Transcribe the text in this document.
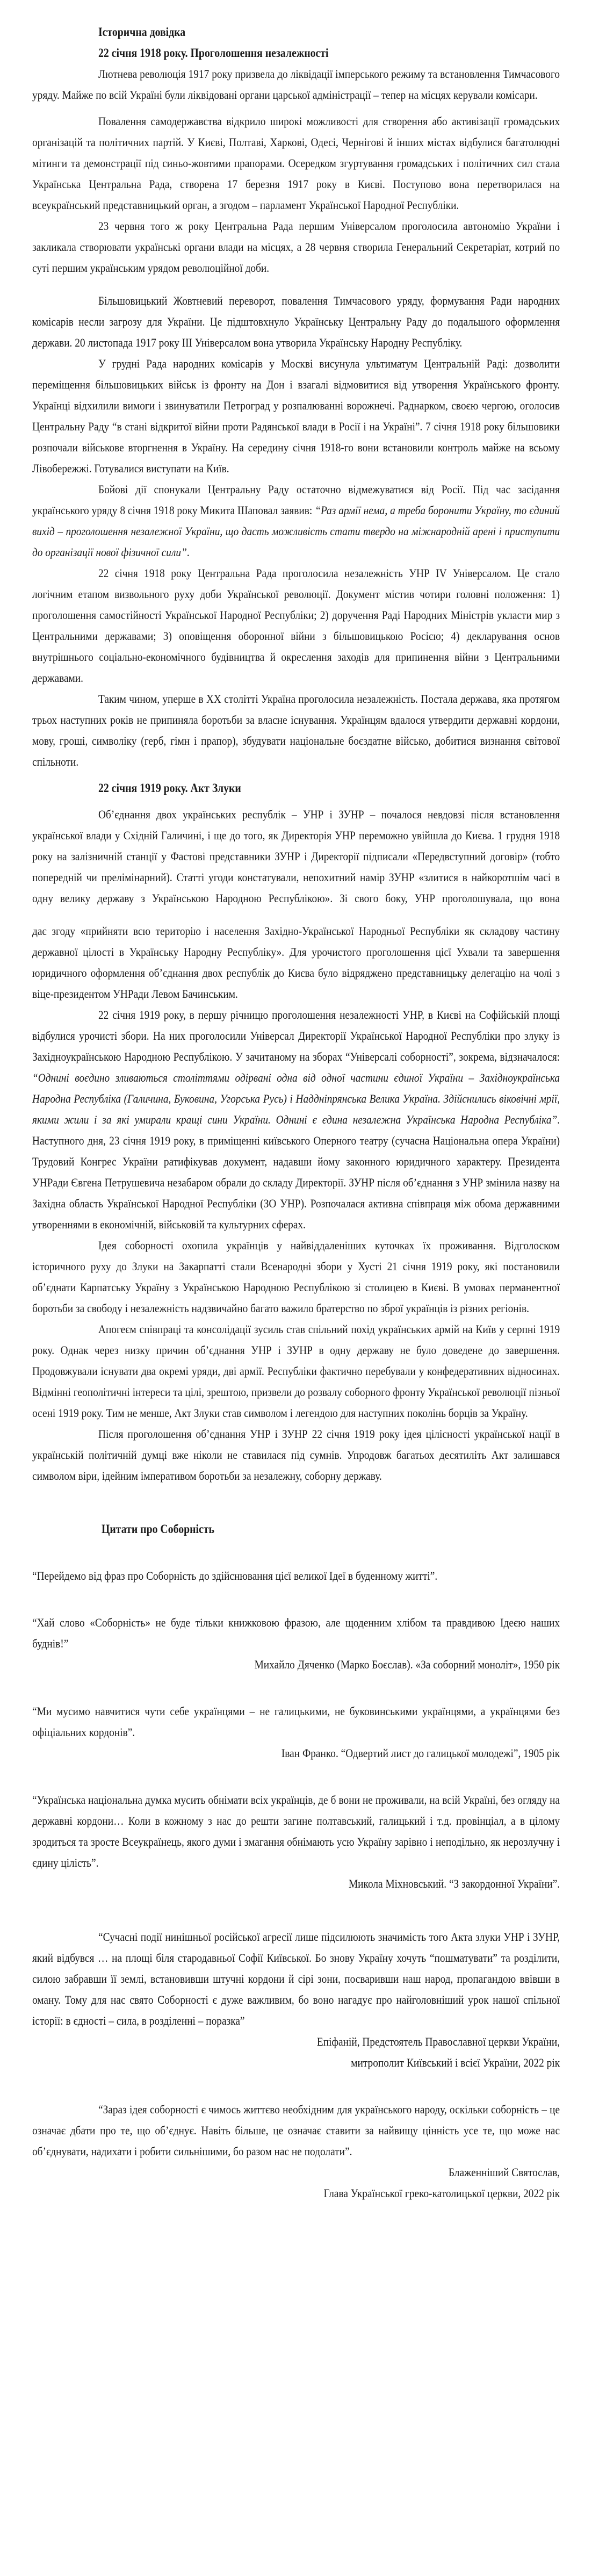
Історична довідка

22 січня 1918 року. Проголошення незалежності

Лютнева революція 1917 року призвела до ліквідації імперського режиму та встановлення Тимчасового уряду. Майже по всій Україні були ліквідовані органи царської адміністрації – тепер на місцях керували комісари.

Повалення самодержавства відкрило широкі можливості для створення або активізації громадських організацій та політичних партій. У Києві, Полтаві, Харкові, Одесі, Чернігові й інших містах відбулися багатолюдні мітинги та демонстрації під синьо-жовтими прапорами. Осередком згуртування громадських і політичних сил стала Українська Центральна Рада, створена 17 березня 1917 року в Києві. Поступово вона перетворилася на всеукраїнський представницький орган, а згодом – парламент Української Народної Республіки.

23 червня того ж року Центральна Рада першим Універсалом проголосила автономію України і закликала створювати українські органи влади на місцях, а 28 червня створила Генеральний Секретаріат, котрий по суті першим українським урядом революційної доби.

Більшовицький Жовтневий переворот, повалення Тимчасового уряду, формування Ради народних комісарів несли загрозу для України. Це підштовхнуло Українську Центральну Раду до подальшого оформлення держави. 20 листопада 1917 року III Універсалом вона утворила Українську Народну Республіку.

У грудні Рада народних комісарів у Москві висунула ультиматум Центральній Раді: дозволити переміщення більшовицьких військ із фронту на Дон і взагалі відмовитися від утворення Українського фронту. Українці відхилили вимоги і звинуватили Петроград у розпалюванні ворожнечі. Раднарком, своєю чергою, оголосив Центральну Раду “в стані відкритої війни проти Радянської влади в Росії і на Україні”. 7 січня 1918 року більшовики розпочали військове вторгнення в Україну. На середину січня 1918-го вони встановили контроль майже на всьому Лівобережжі. Готувалися виступати на Київ.

Бойові дії спонукали Центральну Раду остаточно відмежуватися від Росії. Під час засідання українського уряду 8 січня 1918 року Микита Шаповал заявив: “Раз армії нема, а треба боронити Україну, то єдиний вихід – проголошення незалежної України, що дасть можливість стати твердо на міжнародній арені і приступити до організації нової фізичної сили”.

22 січня 1918 року Центральна Рада проголосила незалежність УНР IV Універсалом. Це стало логічним етапом визвольного руху доби Української революції. Документ містив чотири головні положення: 1) проголошення самостійності Української Народної Республіки; 2) доручення Раді Народних Міністрів укласти мир з Центральними державами; 3) оповіщення оборонної війни з більшовицькою Росією; 4) декларування основ внутрішнього соціально-економічного будівництва й окреслення заходів для припинення війни з Центральними державами.

Таким чином, уперше в XX столітті Україна проголосила незалежність. Постала держава, яка протягом трьох наступних років не припиняла боротьби за власне існування. Українцям вдалося утвердити державні кордони, мову, гроші, символіку (герб, гімн і прапор), збудувати національне боєздатне військо, добитися визнання світової спільноти.

22 січня 1919 року. Акт Злуки

Об’єднання двох українських республік – УНР і ЗУНР – почалося невдовзі після встановлення української влади у Східній Галичині, і ще до того, як Директорія УНР переможно увійшла до Києва. 1 грудня 1918 року на залізничній станції у Фастові представники ЗУНР і Директорії підписали «Передвступний договір» (тобто попередній чи прелімінарний). Статті угоди констатували, непохитний намір ЗУНР «злитися в найкоротшім часі в одну велику державу з Українською Народною Республікою». Зі свого боку, УНР проголошувала, що вона

дає згоду «прийняти всю територію і населення Західно-Української Народньої Республіки як складову частину державної цілості в Українську Народну Республіку». Для урочистого проголошення цієї Ухвали та завершення юридичного оформлення об’єднання двох республік до Києва було відряджено представницьку делегацію на чолі з віце-президентом УНРади Левом Бачинським.

22 січня 1919 року, в першу річницю проголошення незалежності УНР, в Києві на Софійській площі відбулися урочисті збори. На них проголосили Універсал Директорії Української Народної Республіки про злуку із Західноукраїнською Народною Республікою. У зачитаному на зборах “Універсалі соборності”, зокрема, відзначалося: “Однині воєдино зливаються століттями одірвані одна від одної частини єдиної України – Західноукраїнська Народна Республіка (Галичина, Буковина, Угорська Русь) і Наддніпрянська Велика Україна. Здійснились віковічні мрії, якими жили і за які умирали кращі сини України. Однині є єдина незалежна Українська Народна Республіка”. Наступного дня, 23 січня 1919 року, в приміщенні київського Оперного театру (сучасна Національна опера України) Трудовий Конгрес України ратифікував документ, надавши йому законного юридичного характеру. Президента УНРади Євгена Петрушевича незабаром обрали до складу Директорії. ЗУНР після об’єднання з УНР змінила назву на Західна область Української Народної Республіки (ЗО УНР). Розпочалася активна співпраця між обома державними утвореннями в економічній, військовій та культурних сферах.

Ідея соборності охопила українців у найвіддаленіших куточках їх проживання. Відголоском історичного руху до Злуки на Закарпатті стали Всенародні збори у Хусті 21 січня 1919 року, які постановили об’єднати Карпатську Україну з Українською Народною Республікою зі столицею в Києві. В умовах перманентної боротьби за свободу і незалежність надзвичайно багато важило братерство по зброї українців із різних регіонів.

Апогеєм співпраці та консолідації зусиль став спільний похід українських армій на Київ у серпні 1919 року. Однак через низку причин об’єднання УНР і ЗУНР в одну державу не було доведене до завершення. Продовжували існувати два окремі уряди, дві армії. Республіки фактично перебували у конфедеративних відносинах. Відмінні геополітичні інтереси та цілі, зрештою, призвели до розвалу соборного фронту Української революції пізньої осені 1919 року. Тим не менше, Акт Злуки став символом і легендою для наступних поколінь борців за Україну.

Після проголошення об’єднання УНР і ЗУНР 22 січня 1919 року ідея цілісності української нації в українській політичній думці вже ніколи не ставилася під сумнів. Упродовж багатьох десятиліть Акт залишався символом віри, ідейним імперативом боротьби за незалежну, соборну державу.

Цитати про Соборність

“Перейдемо від фраз про Соборність до здійснювання цієї великої Ідеї в буденному житті”.

“Хай слово «Соборність» не буде тільки книжковою фразою, але щоденним хлібом та правдивою Ідеєю наших буднів!”

Михайло Дяченко (Марко Боєслав). «За соборний моноліт», 1950 рік

“Ми мусимо навчитися чути себе українцями – не галицькими, не буковинськими українцями, а українцями без офіціальних кордонів”.

Іван Франко. “Одвертий лист до галицької молодежі”, 1905 рік

“Українська національна думка мусить обнімати всіх українців, де б вони не проживали, на всій Україні, без огляду на державні кордони… Коли в кожному з нас до решти загине полтавський, галицький і т.д. провінціал, а в цілому зродиться та зросте Всеукраїнець, якого думи і змагання обнімають усю Україну зарівно і неподільно, як нерозлучну і єдину цілість”.

Микола Міхновський. “З закордонної України”.

“Сучасні події нинішньої російської агресії лише підсилюють значимість того Акта злуки УНР і ЗУНР, який відбувся … на площі біля стародавньої Софії Київської. Бо знову Україну хочуть “пошматувати” та розділити, силою забравши її землі, встановивши штучні кордони й сірі зони, посваривши наш народ, пропагандою ввівши в оману. Тому для нас свято Соборності є дуже важливим, бо воно нагадує про найголовніший урок нашої спільної історії: в єдності – сила, в розділенні – поразка”

Епіфаній, Предстоятель Православної церкви України,

митрополит Київський і всієї України, 2022 рік

“Зараз ідея соборності є чимось життєво необхідним для українського народу, оскільки соборність – це означає дбати про те, що об’єднує. Навіть більше, це означає ставити за найвищу цінність усе те, що може нас об’єднувати, надихати і робити сильнішими, бо разом нас не подолати”.

Блаженніший Святослав,

Глава Української греко-католицької церкви, 2022 рік
